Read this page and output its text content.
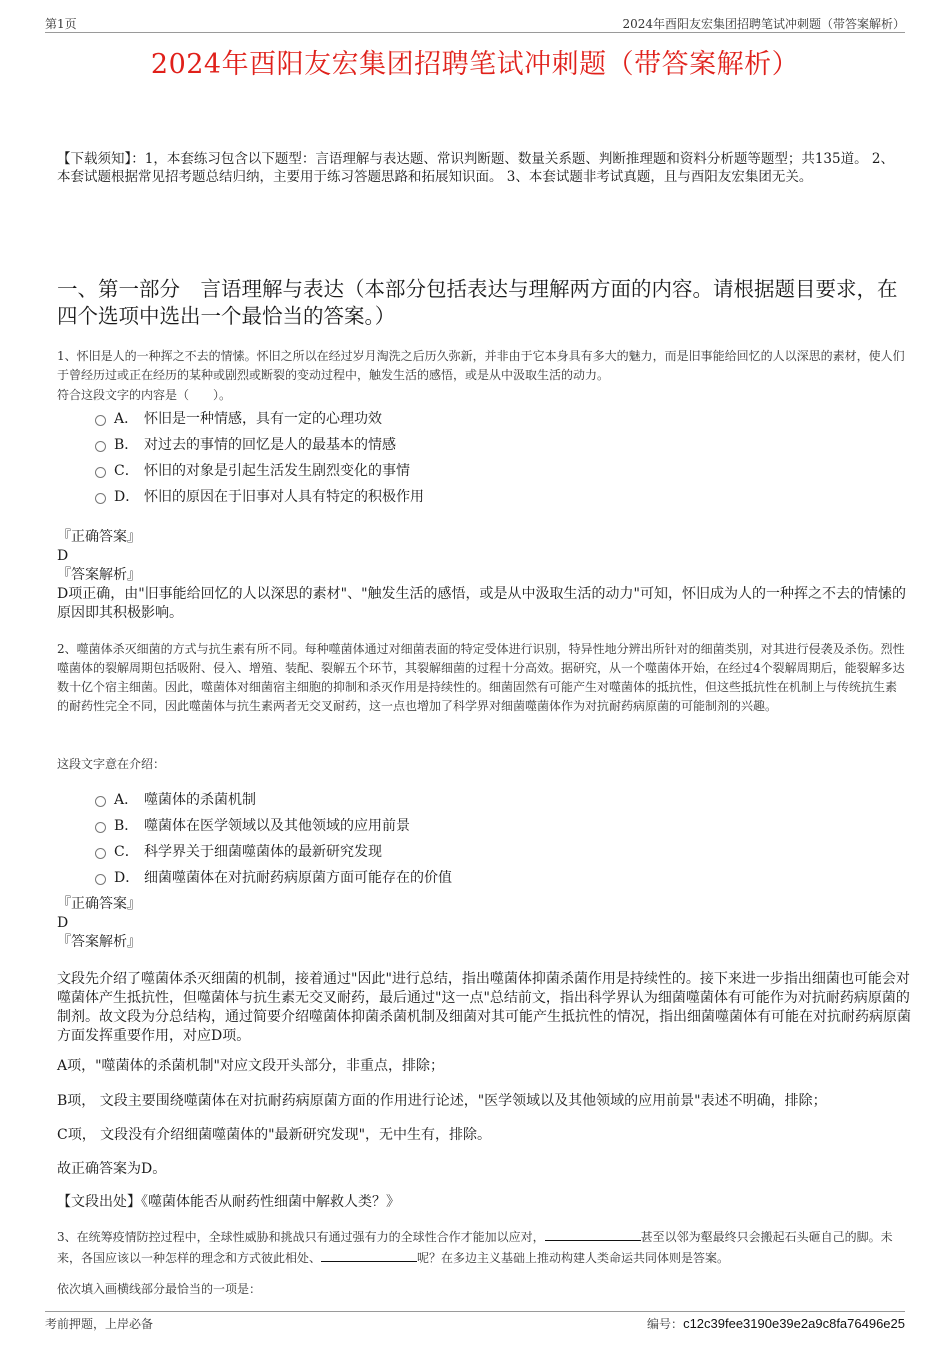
第1页	2024年酉阳友宏集团招聘笔试冲刺题（带答案解析）
2024年酉阳友宏集团招聘笔试冲刺题（带答案解析）
【下载须知】：1，本套练习包含以下题型：言语理解与表达题、常识判断题、数量关系题、判断推理题和资料分析题等题型；共135道。 2、本套试题根据常见招考题总结归纳，主要用于练习答题思路和拓展知识面。 3、本套试题非考试真题，且与酉阳友宏集团无关。
一、第一部分　言语理解与表达（本部分包括表达与理解两方面的内容。请根据题目要求，在四个选项中选出一个最恰当的答案。）
1、怀旧是人的一种挥之不去的情愫。怀旧之所以在经过岁月淘洗之后历久弥新，并非由于它本身具有多大的魅力，而是旧事能给回忆的人以深思的素材，使人们于曾经历过或正在经历的某种或剧烈或断裂的变动过程中，触发生活的感悟，或是从中汲取生活的动力。
符合这段文字的内容是（　　）。
A． 怀旧是一种情感，具有一定的心理功效
B． 对过去的事情的回忆是人的最基本的情感
C． 怀旧的对象是引起生活发生剧烈变化的事情
D． 怀旧的原因在于旧事对人具有特定的积极作用

『正确答案』

D

『答案解析』

D项正确，由"旧事能给回忆的人以深思的素材"、"触发生活的感悟，或是从中汲取生活的动力"可知，怀旧成为人的一种挥之不去的情愫的原因即其积极影响。

2、噬菌体杀灭细菌的方式与抗生素有所不同。每种噬菌体通过对细菌表面的特定受体进行识别，特异性地分辨出所针对的细菌类别，对其进行侵袭及杀伤。烈性噬菌体的裂解周期包括吸附、侵入、增殖、装配、裂解五个环节，其裂解细菌的过程十分高效。据研究，从一个噬菌体开始，在经过4个裂解周期后，能裂解多达数十亿个宿主细菌。因此，噬菌体对细菌宿主细胞的抑制和杀灭作用是持续性的。细菌固然有可能产生对噬菌体的抵抗性，但这些抵抗性在机制上与传统抗生素的耐药性完全不同，因此噬菌体与抗生素两者无交叉耐药，这一点也增加了科学界对细菌噬菌体作为对抗耐药病原菌的可能制剂的兴趣。
这段文字意在介绍：
A． 噬菌体的杀菌机制
B． 噬菌体在医学领域以及其他领域的应用前景
C． 科学界关于细菌噬菌体的最新研究发现
D． 细菌噬菌体在对抗耐药病原菌方面可能存在的价值

『正确答案』

D

『答案解析』

文段先介绍了噬菌体杀灭细菌的机制，接着通过"因此"进行总结，指出噬菌体抑菌杀菌作用是持续性的。接下来进一步指出细菌也可能会对噬菌体产生抵抗性，但噬菌体与抗生素无交叉耐药，最后通过"这一点"总结前文，指出科学界认为细菌噬菌体有可能作为对抗耐药病原菌的制剂。故文段为分总结构，通过简要介绍噬菌体抑菌杀菌机制及细菌对其可能产生抵抗性的情况，指出细菌噬菌体有可能在对抗耐药病原菌方面发挥重要作用，对应D项。
A项，"噬菌体的杀菌机制"对应文段开头部分，非重点，排除；
B项， 文段主要围绕噬菌体在对抗耐药病原菌方面的作用进行论述，"医学领域以及其他领域的应用前景"表述不明确，排除；
C项， 文段没有介绍细菌噬菌体的"最新研究发现"，无中生有，排除。
故正确答案为D。
【文段出处】《噬菌体能否从耐药性细菌中解救人类？》
3、在统筹疫情防控过程中，全球性威胁和挑战只有通过强有力的全球性合作才能加以应对，	甚至以邻为壑最终只会搬起石头砸自己的脚。未来，各国应该以一种怎样的理念和方式彼此相处、	呢？在多边主义基础上推动构建人类命运共同体则是答案。
依次填入画横线部分最恰当的一项是：
考前押题，上岸必备	编号：c12c39fee3190e39e2a9c8fa76496e25
